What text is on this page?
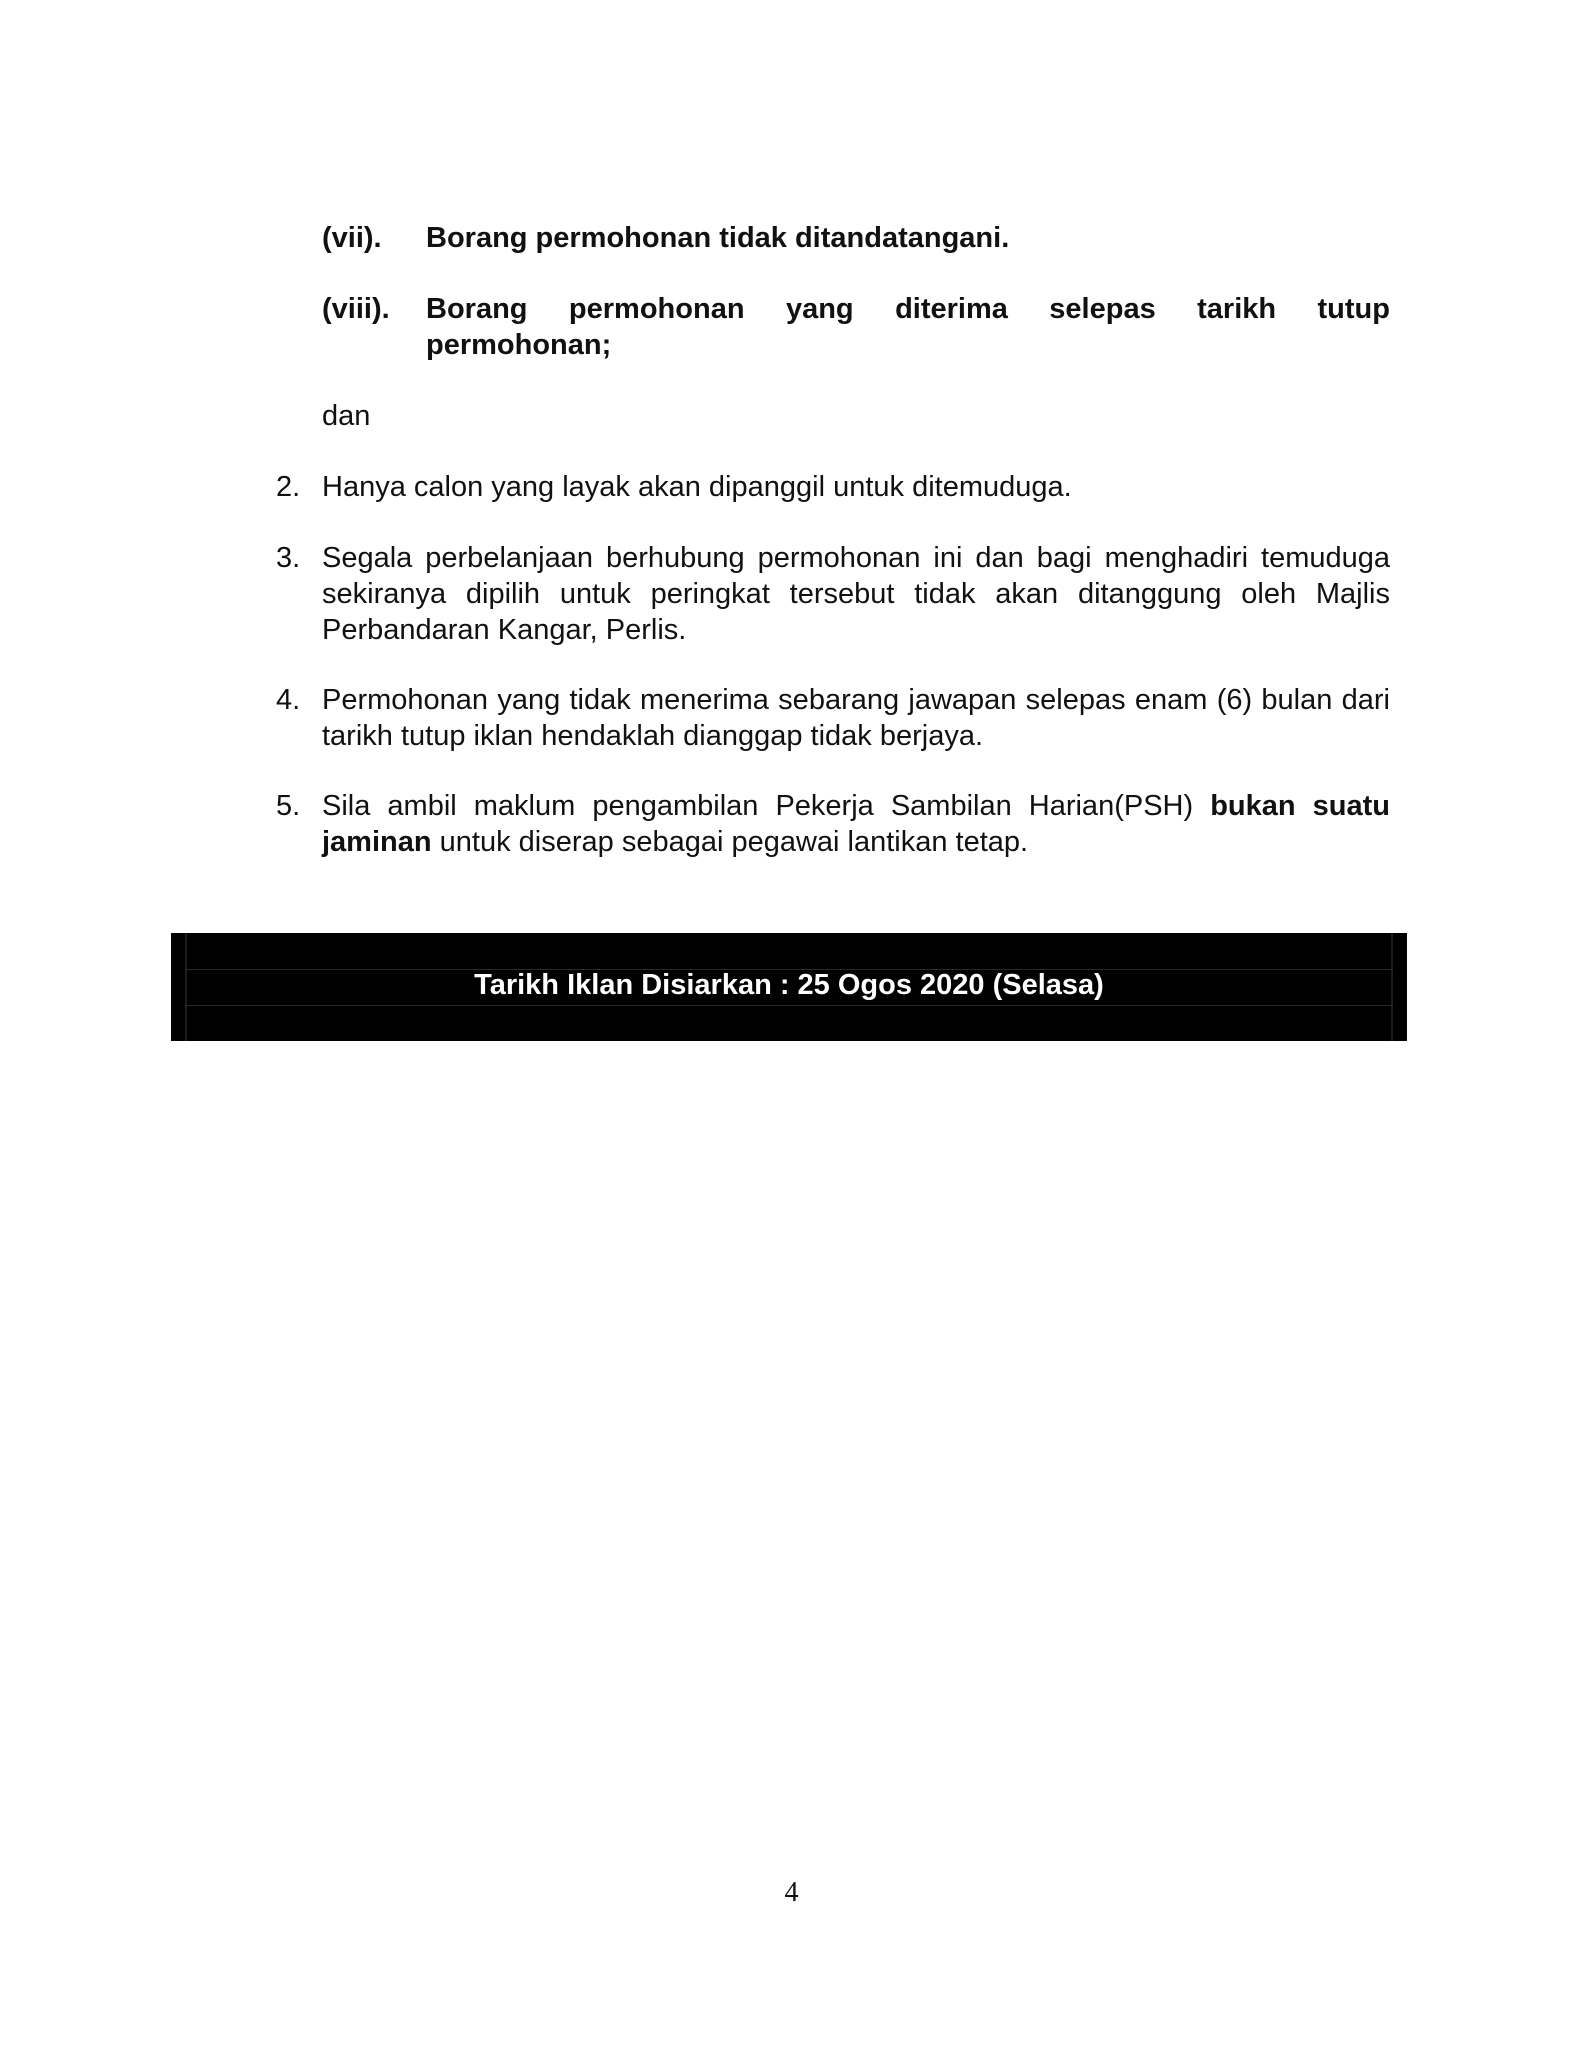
(vii).	Borang permohonan tidak ditandatangani.
(viii).	Borang permohonan yang diterima selepas tarikh tutup
permohonan;
dan
2. Hanya calon yang layak akan dipanggil untuk ditemuduga.
3. Segala perbelanjaan berhubung permohonan ini dan bagi menghadiri temuduga sekiranya dipilih untuk peringkat tersebut tidak akan ditanggung oleh Majlis Perbandaran Kangar, Perlis.
4. Permohonan yang tidak menerima sebarang jawapan selepas enam (6) bulan dari tarikh tutup iklan hendaklah dianggap tidak berjaya.
5. Sila ambil maklum pengambilan Pekerja Sambilan Harian(PSH) bukan suatu jaminan untuk diserap sebagai pegawai lantikan tetap.
Tarikh Iklan Disiarkan : 25 Ogos 2020 (Selasa)
4
